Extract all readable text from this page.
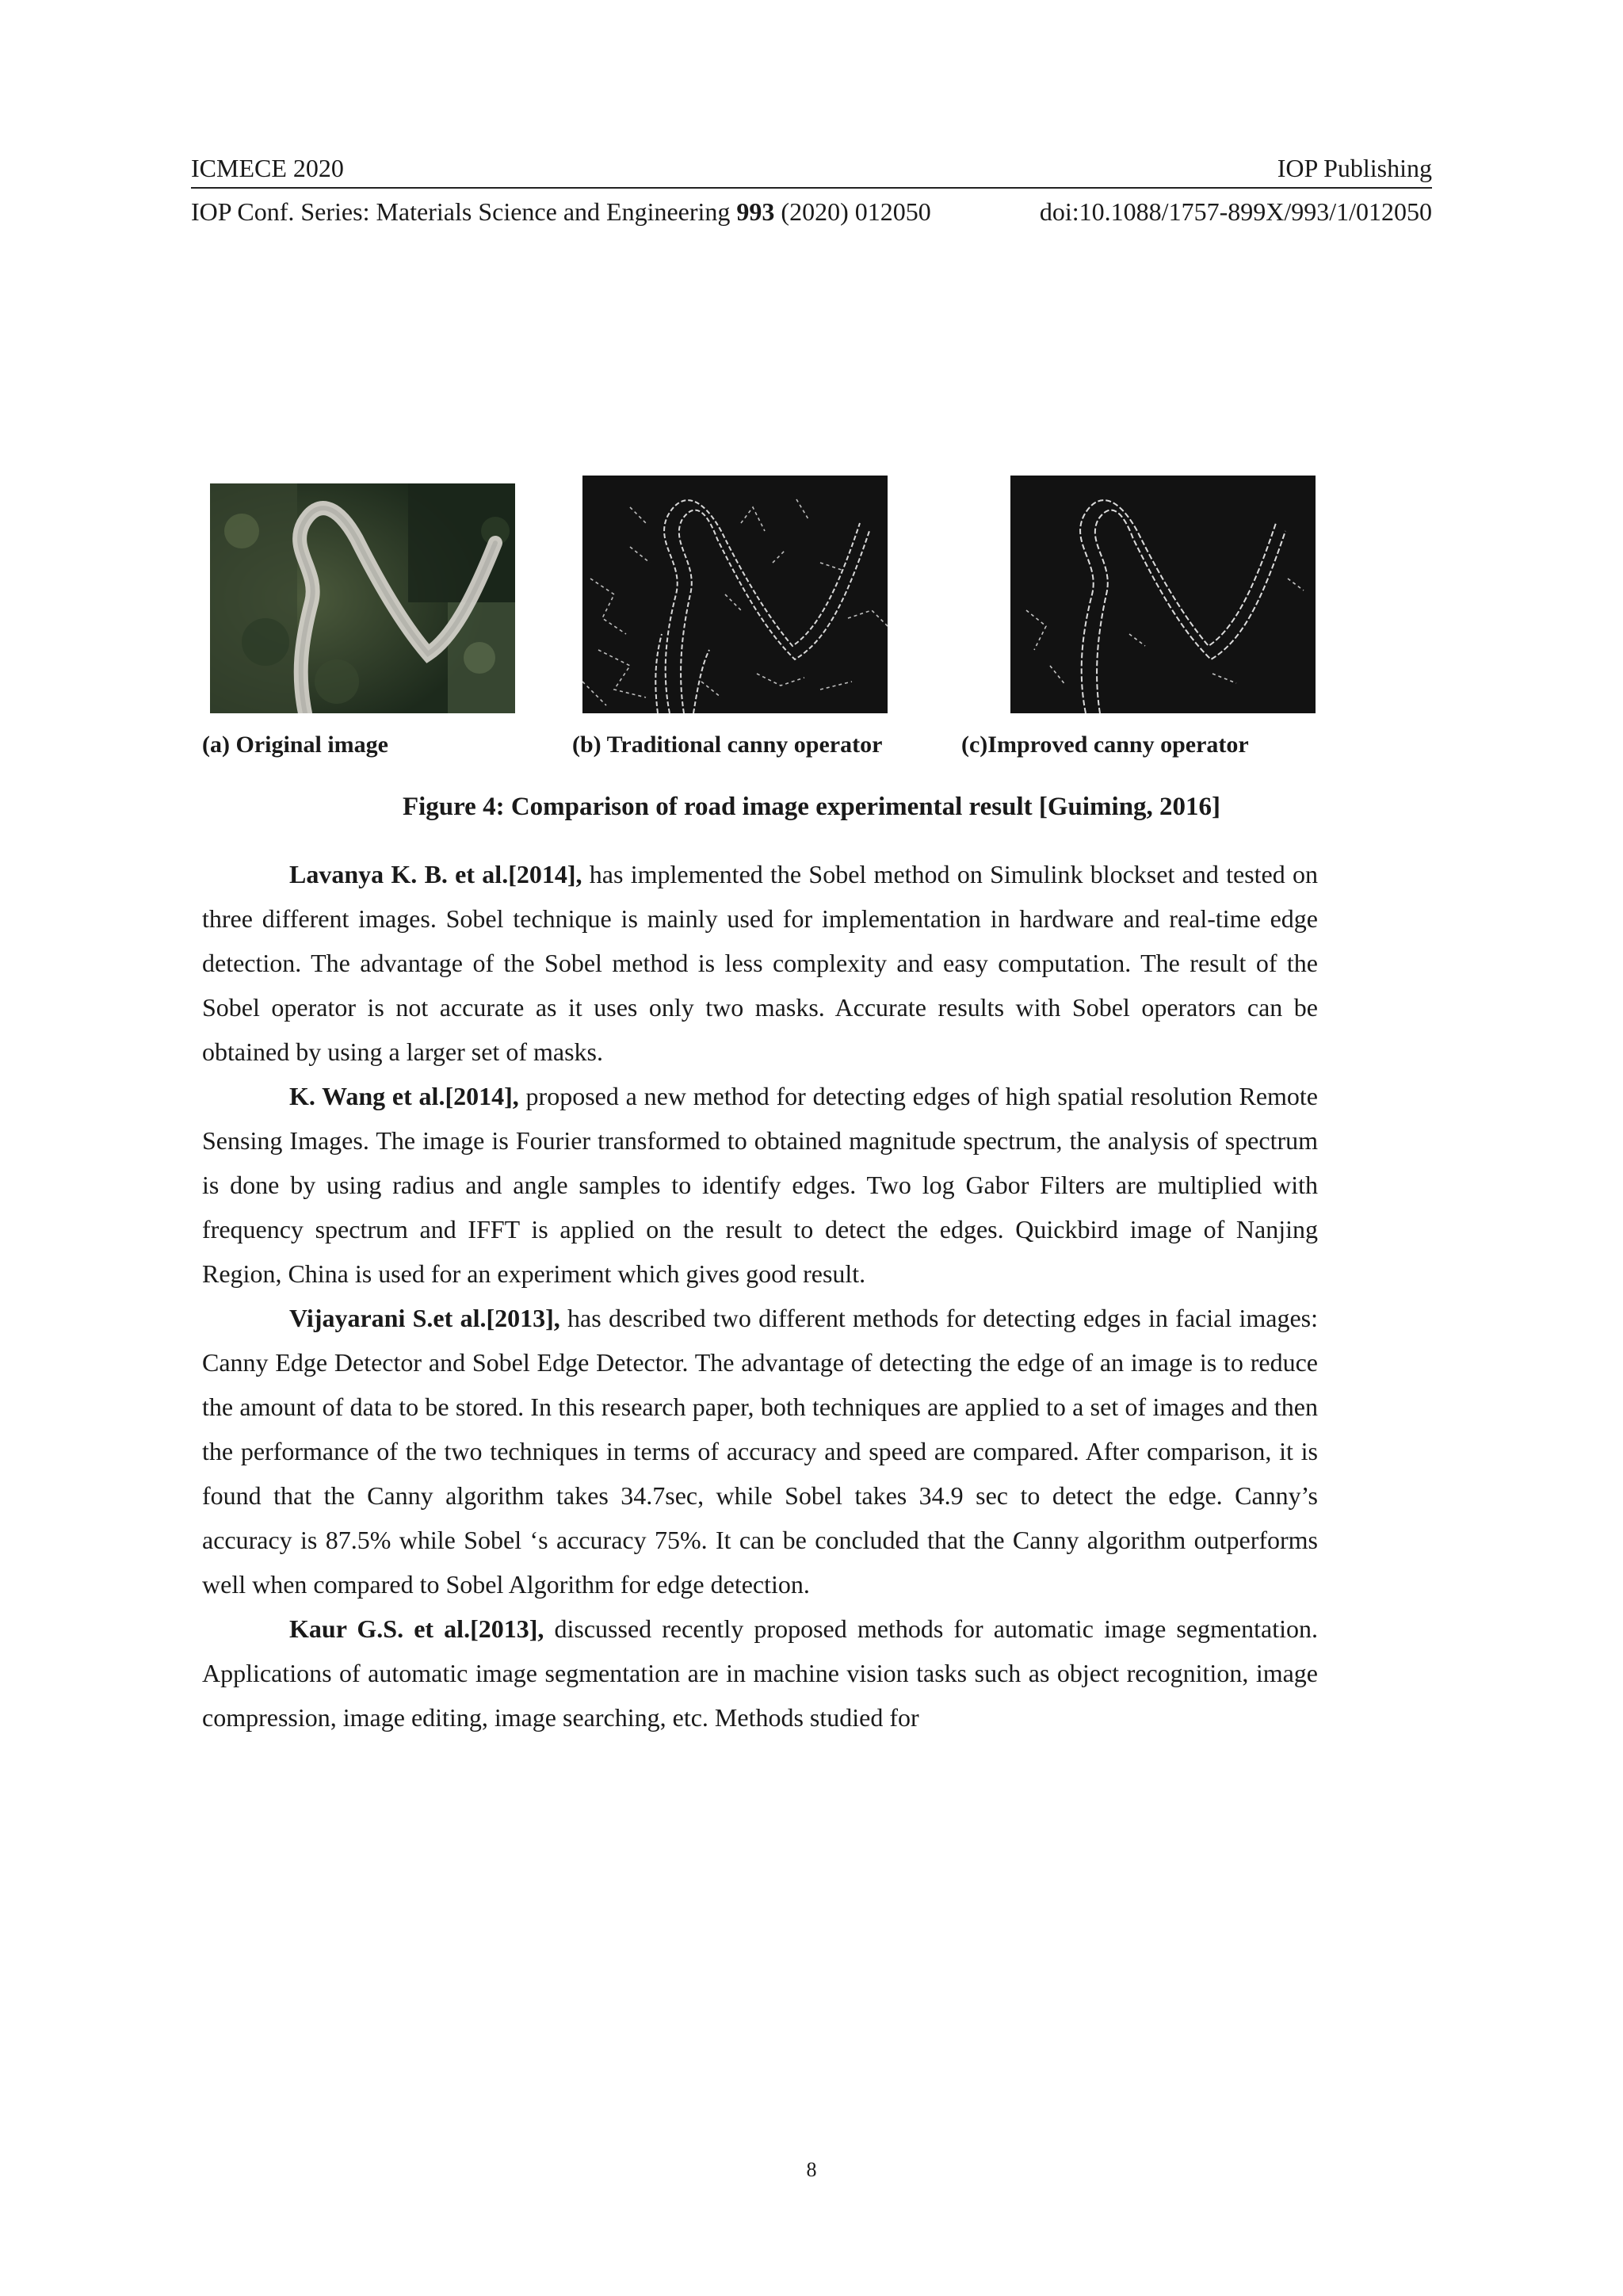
ICMECE 2020	IOP Publishing
IOP Conf. Series: Materials Science and Engineering 993 (2020) 012050	doi:10.1088/1757-899X/993/1/012050
(a) Original image	(b) Traditional canny operator	(c)Improved canny operator
Figure 4: Comparison of road image experimental result [Guiming, 2016]

Lavanya K. B. et al.[2014], has implemented the Sobel method on Simulink blockset and tested on three different images. Sobel technique is mainly used for implementation in hardware and real-time edge detection. The advantage of the Sobel method is less complexity and easy computation. The result of the Sobel operator is not accurate as it uses only two masks. Accurate results with Sobel operators can be obtained by using a larger set of masks.

K. Wang et al.[2014], proposed a new method for detecting edges of high spatial resolution Remote Sensing Images. The image is Fourier transformed to obtained magnitude spectrum, the analysis of spectrum is done by using radius and angle samples to identify edges. Two log Gabor Filters are multiplied with frequency spectrum and IFFT is applied on the result to detect the edges. Quickbird image of Nanjing Region, China is used for an experiment which gives good result.

Vijayarani S.et al.[2013], has described two different methods for detecting edges in facial images: Canny Edge Detector and Sobel Edge Detector. The advantage of detecting the edge of an image is to reduce the amount of data to be stored. In this research paper, both techniques are applied to a set of images and then the performance of the two techniques in terms of accuracy and speed are compared. After comparison, it is found that the Canny algorithm takes 34.7sec, while Sobel takes 34.9 sec to detect the edge. Canny’s accuracy is 87.5% while Sobel ‘s accuracy 75%. It can be concluded that the Canny algorithm outperforms well when compared to Sobel Algorithm for edge detection.

Kaur G.S. et al.[2013], discussed recently proposed methods for automatic image segmentation. Applications of automatic image segmentation are in machine vision tasks such as object recognition, image compression, image editing, image searching, etc. Methods studied for

8
